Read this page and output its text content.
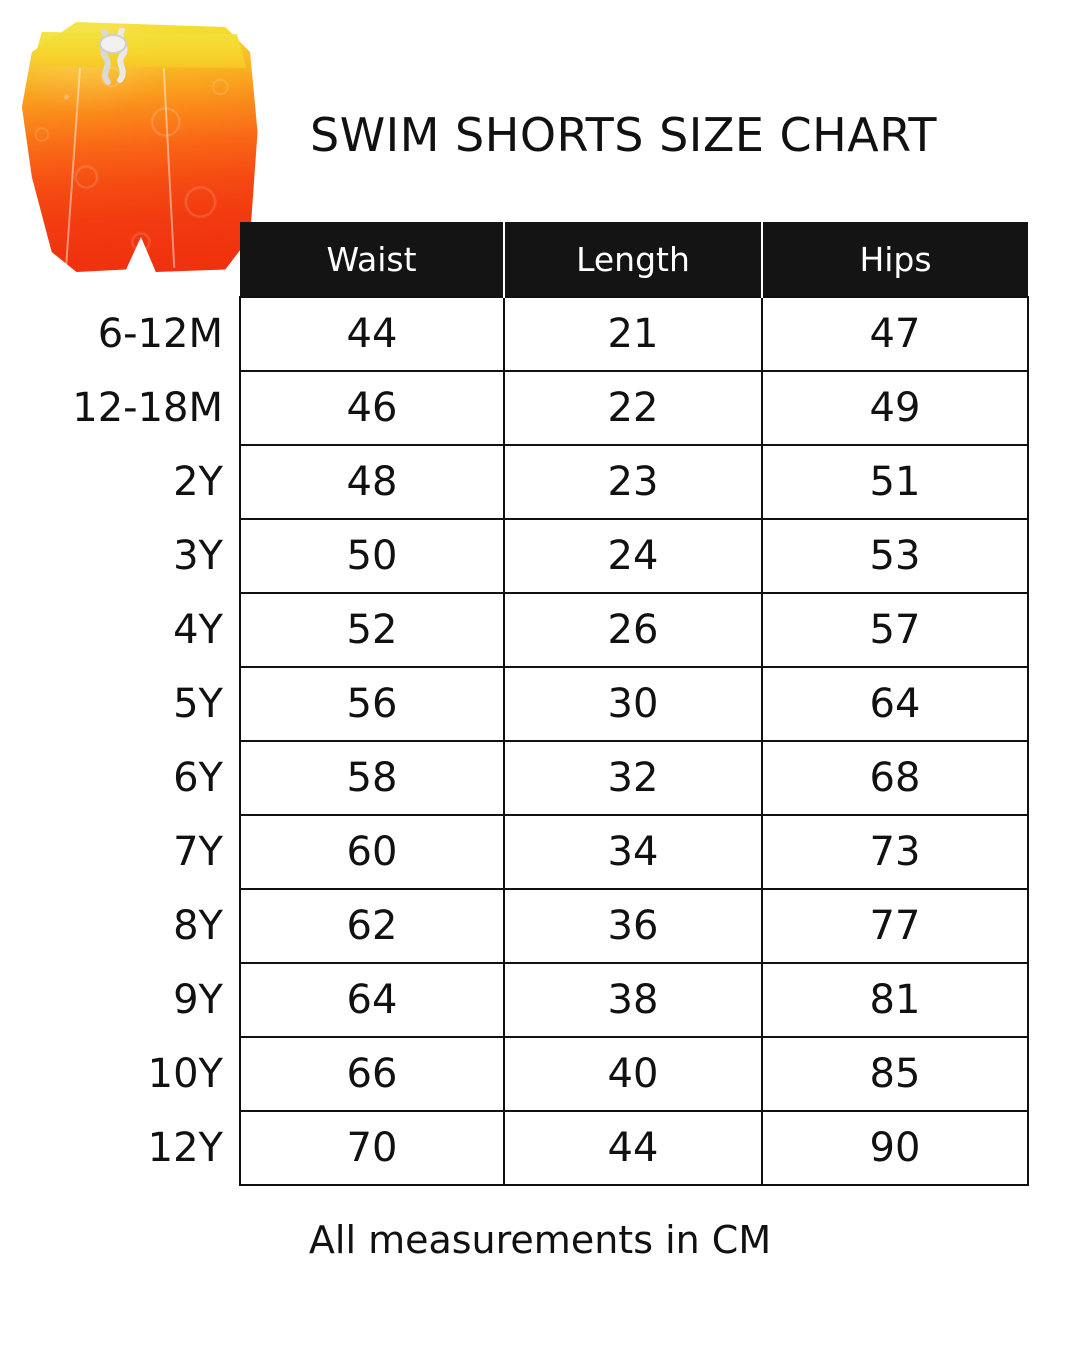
SWIM SHORTS SIZE CHART
	Waist	Length	Hips
6-12M	44	21	47
12-18M	46	22	49
2Y	48	23	51
3Y	50	24	53
4Y	52	26	57
5Y	56	30	64
6Y	58	32	68
7Y	60	34	73
8Y	62	36	77
9Y	64	38	81
10Y	66	40	85
12Y	70	44	90
All measurements in CM
